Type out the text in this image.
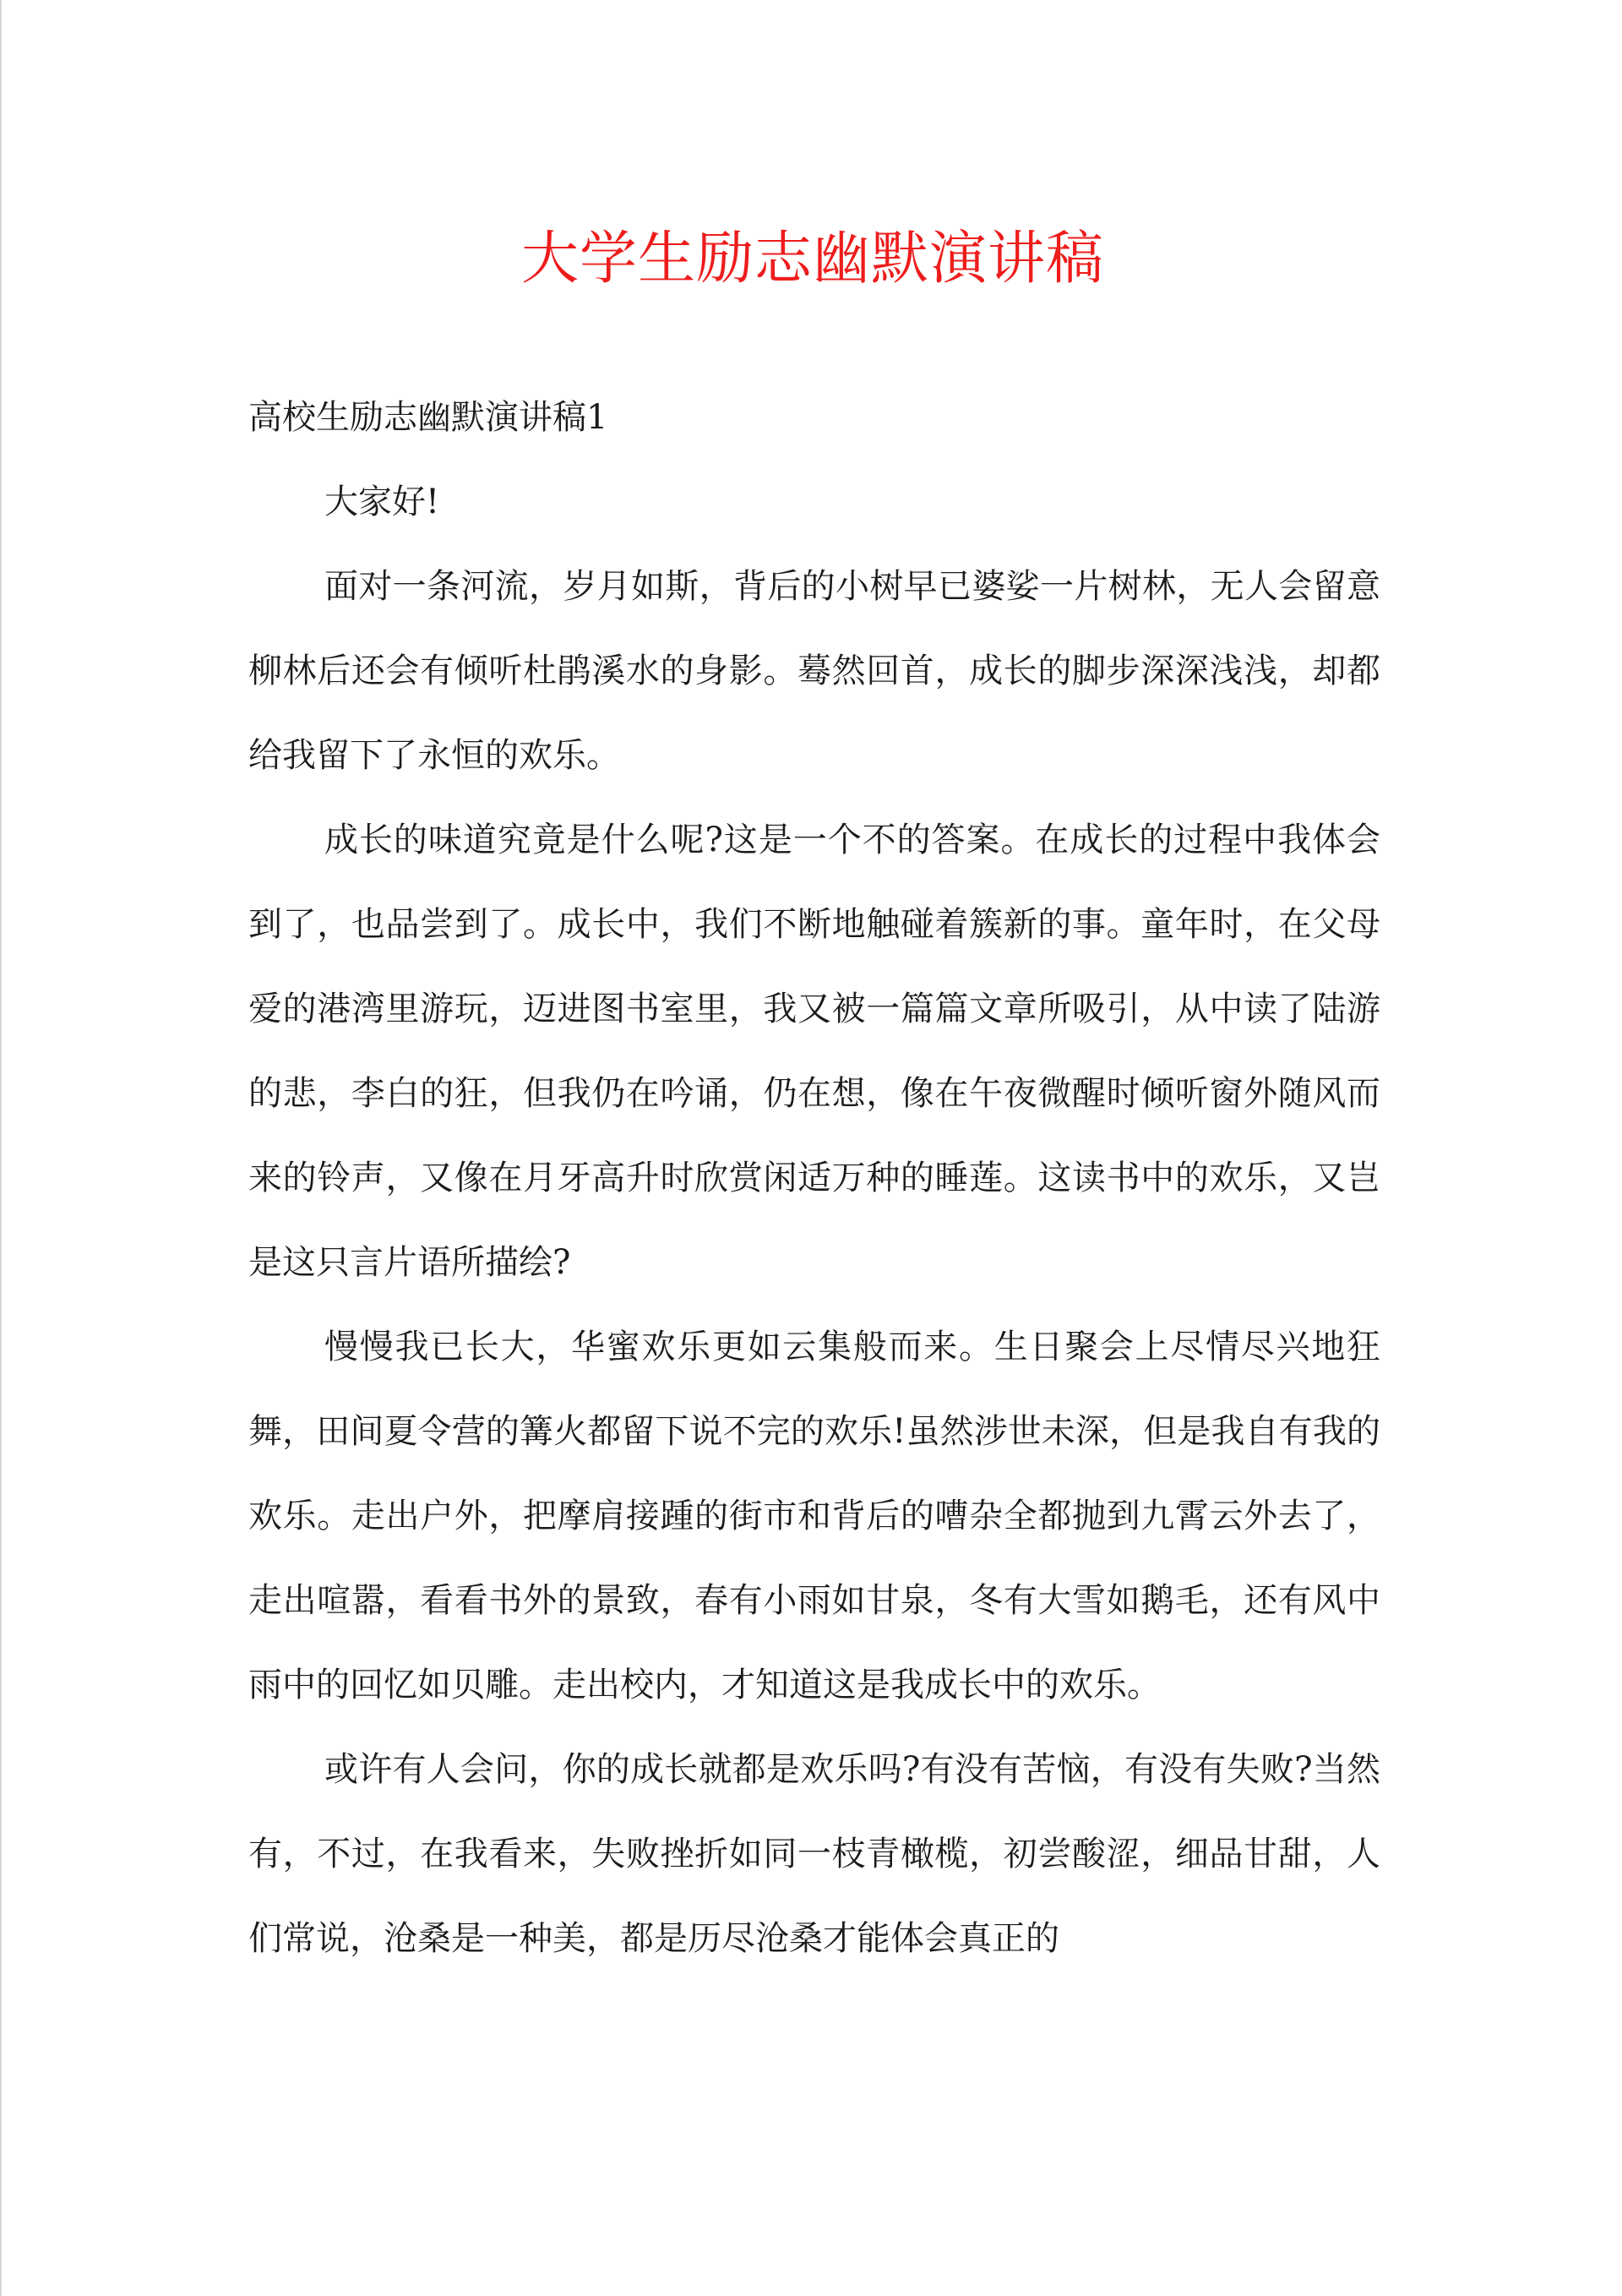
大学生励志幽默演讲稿

高校生励志幽默演讲稿1

大家好!

面对一条河流，岁月如斯，背后的小树早已婆娑一片树林，无人会留意柳林后还会有倾听杜鹃溪水的身影。蓦然回首，成长的脚步深深浅浅，却都给我留下了永恒的欢乐。

成长的味道究竟是什么呢?这是一个不的答案。在成长的过程中我体会到了，也品尝到了。成长中，我们不断地触碰着簇新的事。童年时，在父母爱的港湾里游玩，迈进图书室里，我又被一篇篇文章所吸引，从中读了陆游的悲，李白的狂，但我仍在吟诵，仍在想，像在午夜微醒时倾听窗外随风而来的铃声，又像在月牙高升时欣赏闲适万种的睡莲。这读书中的欢乐，又岂是这只言片语所描绘?

慢慢我已长大，华蜜欢乐更如云集般而来。生日聚会上尽情尽兴地狂舞，田间夏令营的篝火都留下说不完的欢乐!虽然涉世未深，但是我自有我的欢乐。走出户外，把摩肩接踵的街市和背后的嘈杂全都抛到九霄云外去了，走出喧嚣，看看书外的景致，春有小雨如甘泉，冬有大雪如鹅毛，还有风中雨中的回忆如贝雕。走出校内，才知道这是我成长中的欢乐。

或许有人会问，你的成长就都是欢乐吗?有没有苦恼，有没有失败?当然有，不过，在我看来，失败挫折如同一枝青橄榄，初尝酸涩，细品甘甜，人们常说，沧桑是一种美，都是历尽沧桑才能体会真正的
